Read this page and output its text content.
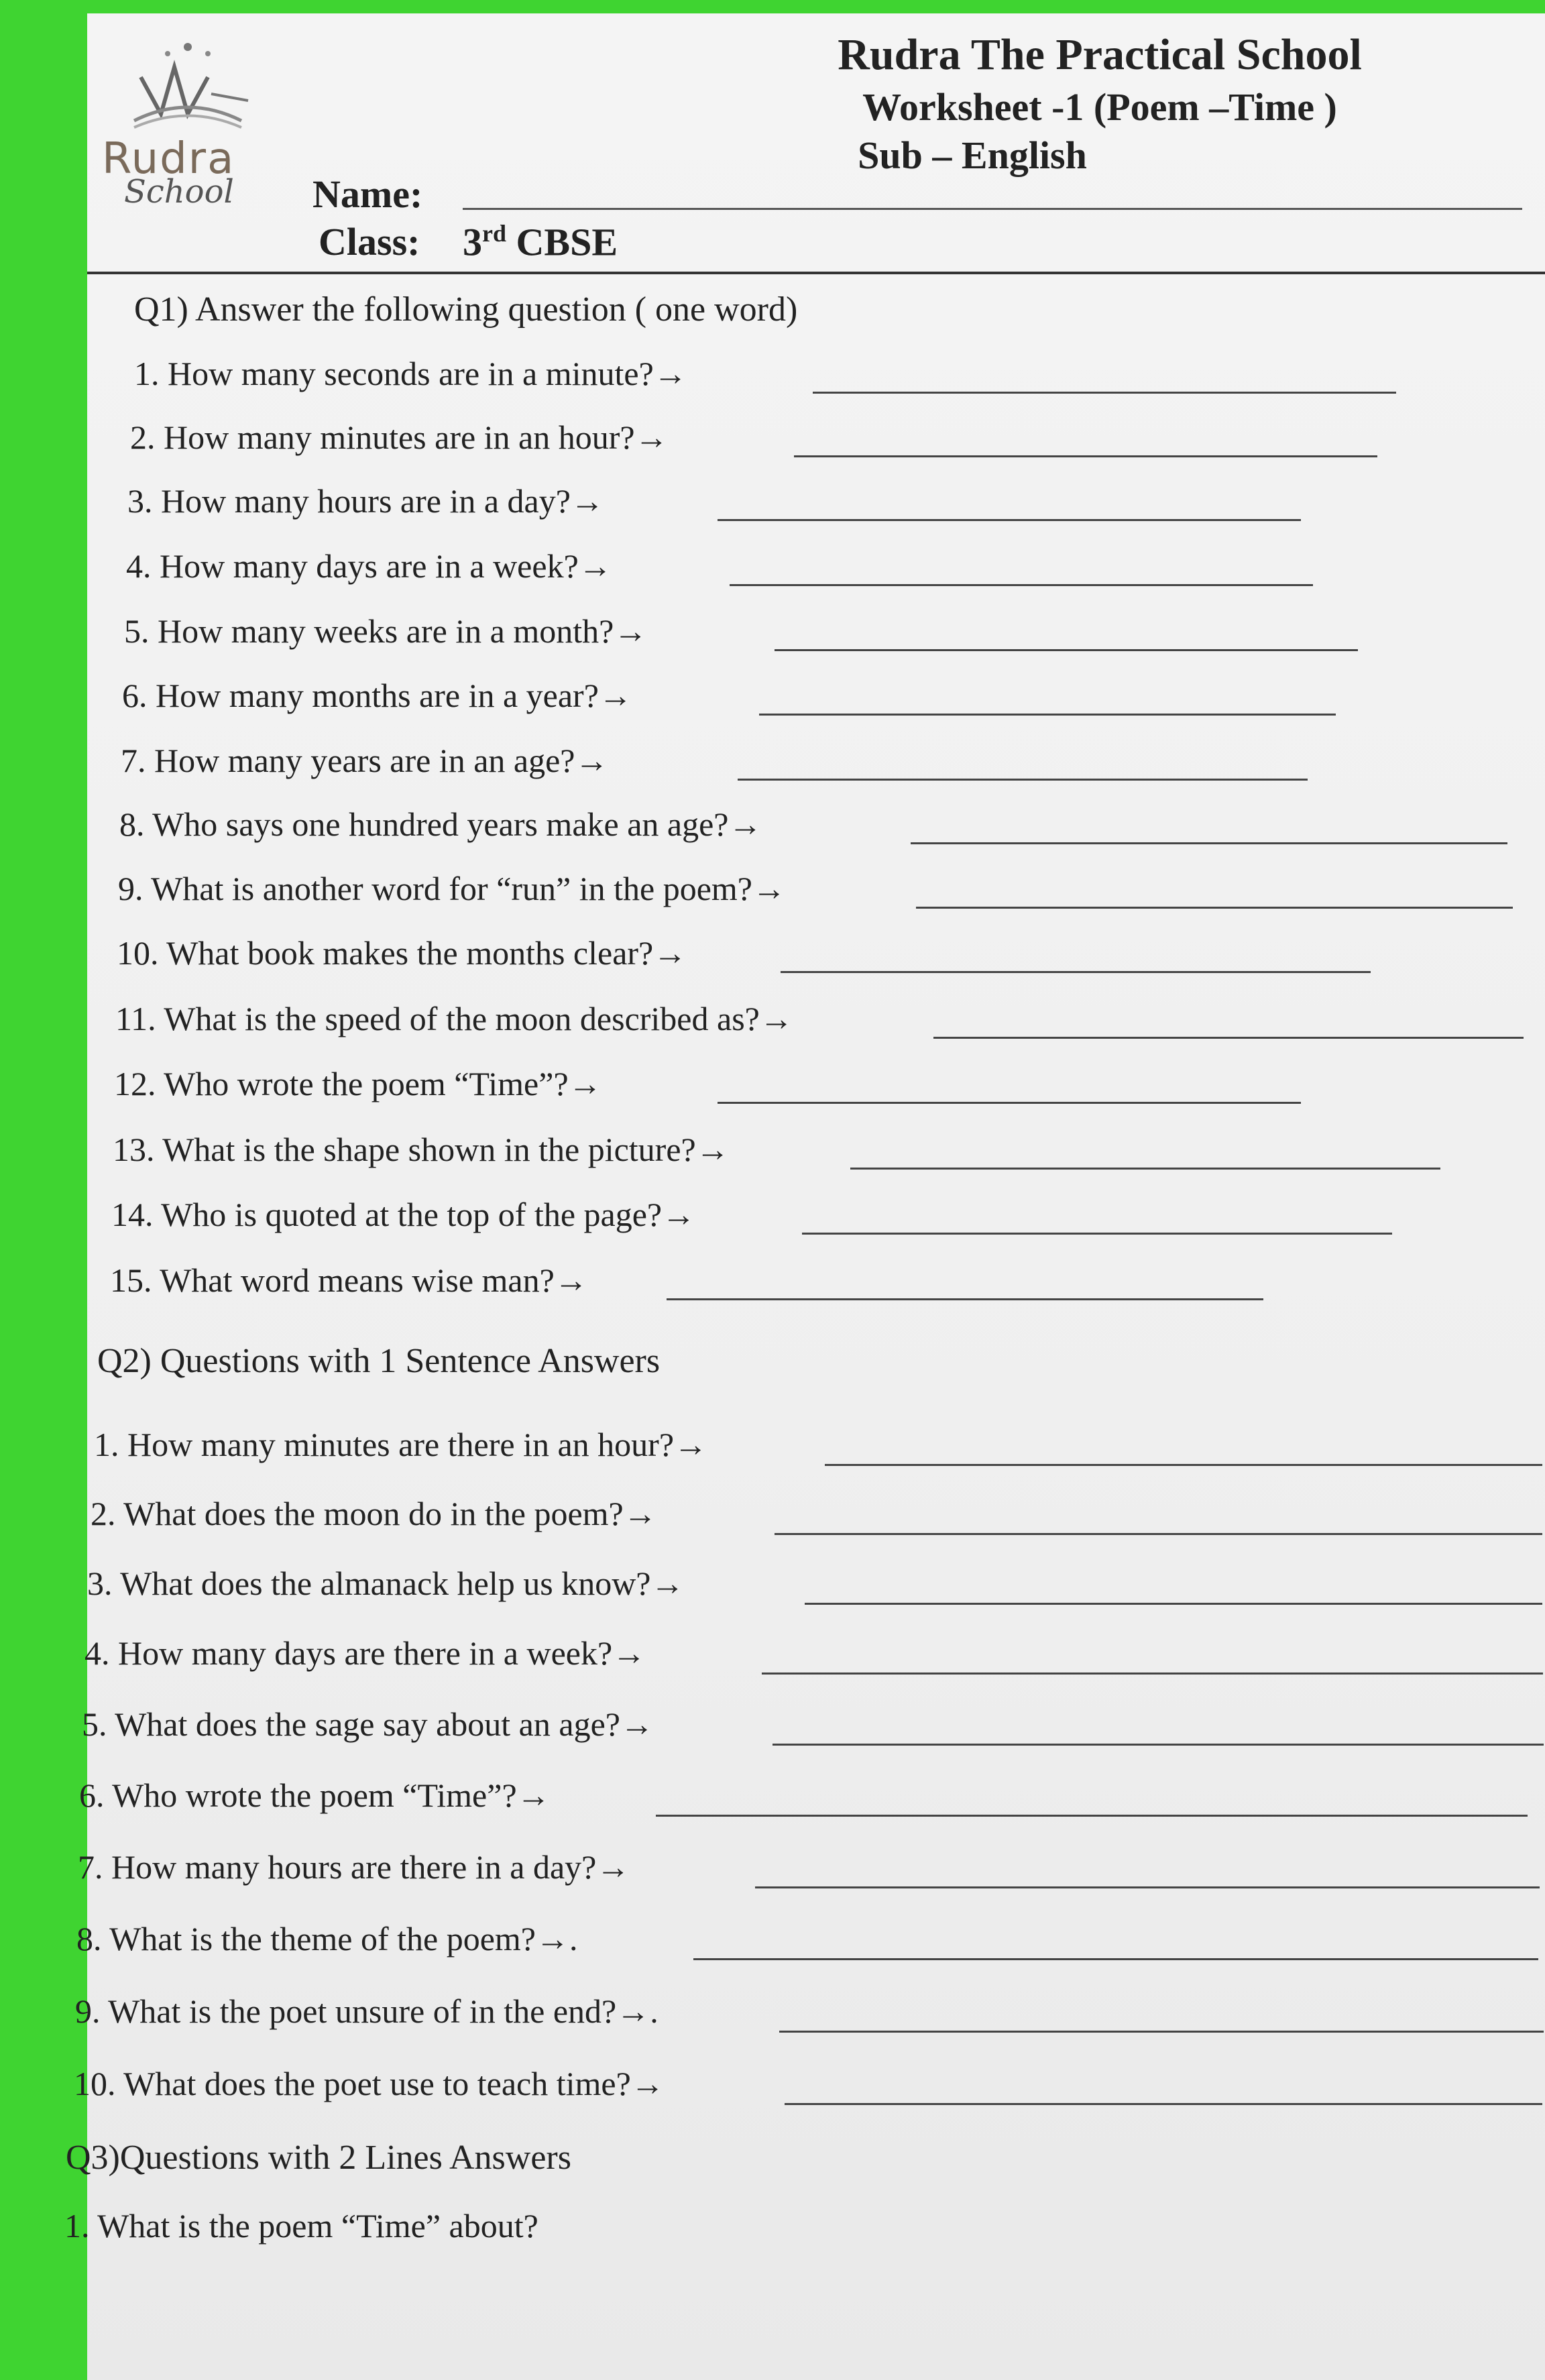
Rudra
School
Rudra The Practical School
Worksheet -1 (Poem –Time )
Sub – English
Name:
Class: 3rd CBSE
Q1) Answer the following question ( one word)
1. How many seconds are in a minute?→
2. How many minutes are in an hour?→
3. How many hours are in a day?→
4. How many days are in a week?→
5. How many weeks are in a month?→
6. How many months are in a year?→
7. How many years are in an age?→
8. Who says one hundred years make an age?→
9. What is another word for “run” in the poem?→
10. What book makes the months clear?→
11. What is the speed of the moon described as?→
12. Who wrote the poem “Time”?→
13. What is the shape shown in the picture?→
14. Who is quoted at the top of the page?→
15. What word means wise man?→
Q2) Questions with 1 Sentence Answers
1. How many minutes are there in an hour?→
2. What does the moon do in the poem?→
3. What does the almanack help us know?→
4. How many days are there in a week?→
5. What does the sage say about an age?→
6. Who wrote the poem “Time”?→
7. How many hours are there in a day?→
8. What is the theme of the poem?→.
9. What is the poet unsure of in the end?→.
10. What does the poet use to teach time?→
Q3)Questions with 2 Lines Answers
1. What is the poem “Time” about?
